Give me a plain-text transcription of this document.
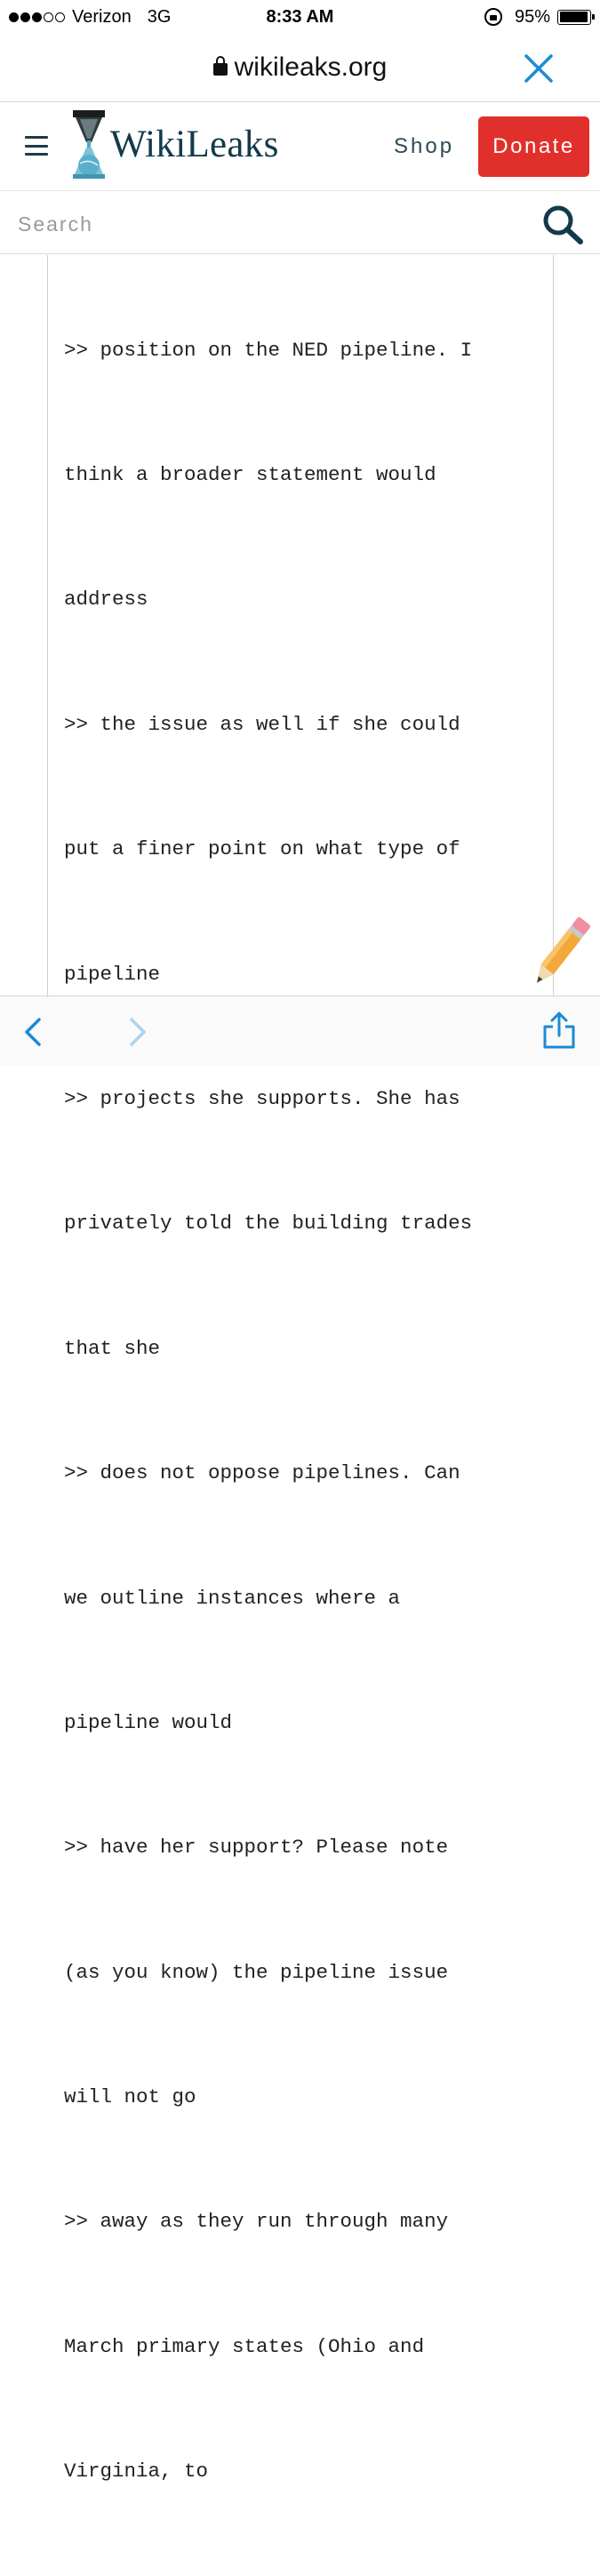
Verizon 3G	8:33 AM	95%
wikileaks.org
WikiLeaks	Shop	Donate
Search

>> position on the NED pipeline. I

think a broader statement would

address

>> the issue as well if she could

put a finer point on what type of

pipeline

>> projects she supports. She has

privately told the building trades

that she

>> does not oppose pipelines. Can

we outline instances where a

pipeline would

>> have her support? Please note

(as you know) the pipeline issue

will not go

>> away as they run through many

March primary states (Ohio and

Virginia, to
